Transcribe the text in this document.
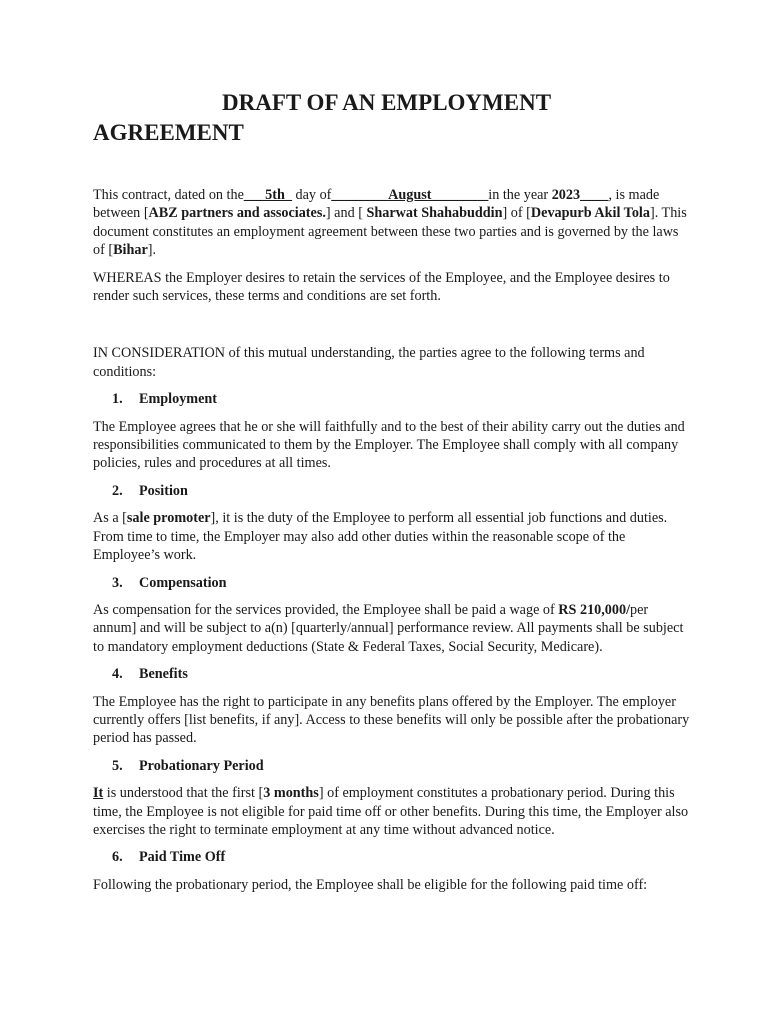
DRAFT OF AN EMPLOYMENT
AGREEMENT

This contract, dated on the___5th_ day of________August________in the year 2023____, is made between [ABZ partners and associates.] and [ Sharwat Shahabuddin] of [Devapurb Akil Tola]. This document constitutes an employment agreement between these two parties and is governed by the laws of [Bihar].

WHEREAS the Employer desires to retain the services of the Employee, and the Employee desires to render such services, these terms and conditions are set forth.

IN CONSIDERATION of this mutual understanding, the parties agree to the following terms and conditions:

1. Employment

The Employee agrees that he or she will faithfully and to the best of their ability carry out the duties and responsibilities communicated to them by the Employer. The Employee shall comply with all company policies, rules and procedures at all times.

2. Position

As a [sale promoter], it is the duty of the Employee to perform all essential job functions and duties. From time to time, the Employer may also add other duties within the reasonable scope of the Employee’s work.

3. Compensation

As compensation for the services provided, the Employee shall be paid a wage of RS 210,000/per annum] and will be subject to a(n) [quarterly/annual] performance review. All payments shall be subject to mandatory employment deductions (State & Federal Taxes, Social Security, Medicare).

4. Benefits

The Employee has the right to participate in any benefits plans offered by the Employer. The employer currently offers [list benefits, if any]. Access to these benefits will only be possible after the probationary period has passed.

5. Probationary Period

It is understood that the first [3 months] of employment constitutes a probationary period. During this time, the Employee is not eligible for paid time off or other benefits. During this time, the Employer also exercises the right to terminate employment at any time without advanced notice.

6. Paid Time Off

Following the probationary period, the Employee shall be eligible for the following paid time off:
